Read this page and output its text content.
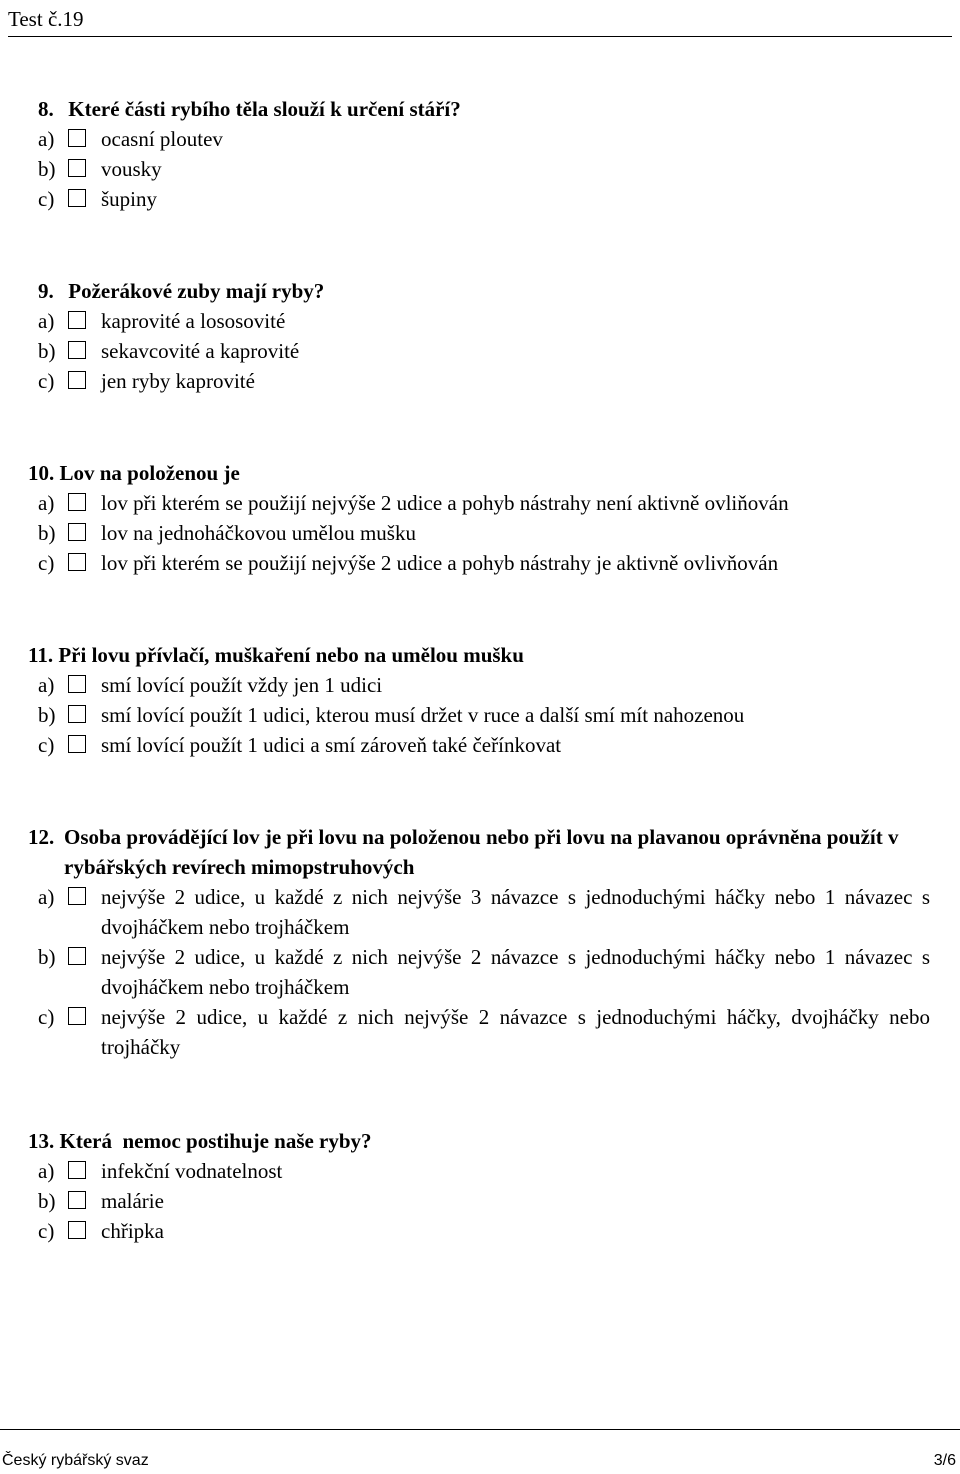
Test č.19
8.
Které části rybího těla slouží k určení stáří?
a)	ocasní ploutev
b)	vousky
c)	šupiny
9.
Požerákové zuby mají ryby?
a)	kaprovité a lososovité
b)	sekavcovité a kaprovité
c)	jen ryby kaprovité
10.
Lov na položenou je
a)	lov při kterém se použijí nejvýše 2 udice a pohyb nástrahy není aktivně ovliňován
b)	lov na jednoháčkovou umělou mušku
c)	lov při kterém se použijí nejvýše 2 udice a pohyb nástrahy je aktivně ovlivňován
11.
Při lovu přívlačí, muškaření nebo na umělou mušku
a)	smí lovící použít vždy jen 1 udici
b)	smí lovící použít 1 udici, kterou musí držet v ruce a další smí mít nahozenou
c)	smí lovící použít 1 udici a smí zároveň také čeřínkovat
12. Osoba provádějící lov je při lovu na položenou nebo při lovu na plavanou oprávněna použít v rybářských revírech mimopstruhových
a)	nejvýše 2 udice, u každé z nich nejvýše 3 návazce s jednoduchými háčky nebo 1 návazec s dvojháčkem nebo trojháčkem
b)	nejvýše 2 udice, u každé z nich nejvýše 2 návazce s jednoduchými háčky nebo 1 návazec s dvojháčkem nebo trojháčkem
c)	nejvýše 2 udice, u každé z nich nejvýše 2 návazce s jednoduchými háčky, dvojháčky nebo trojháčky
13.
Která  nemoc postihuje naše ryby?
a)	infekční vodnatelnost
b)	malárie
c)	chřipka
Český rybářský svaz	3/6
